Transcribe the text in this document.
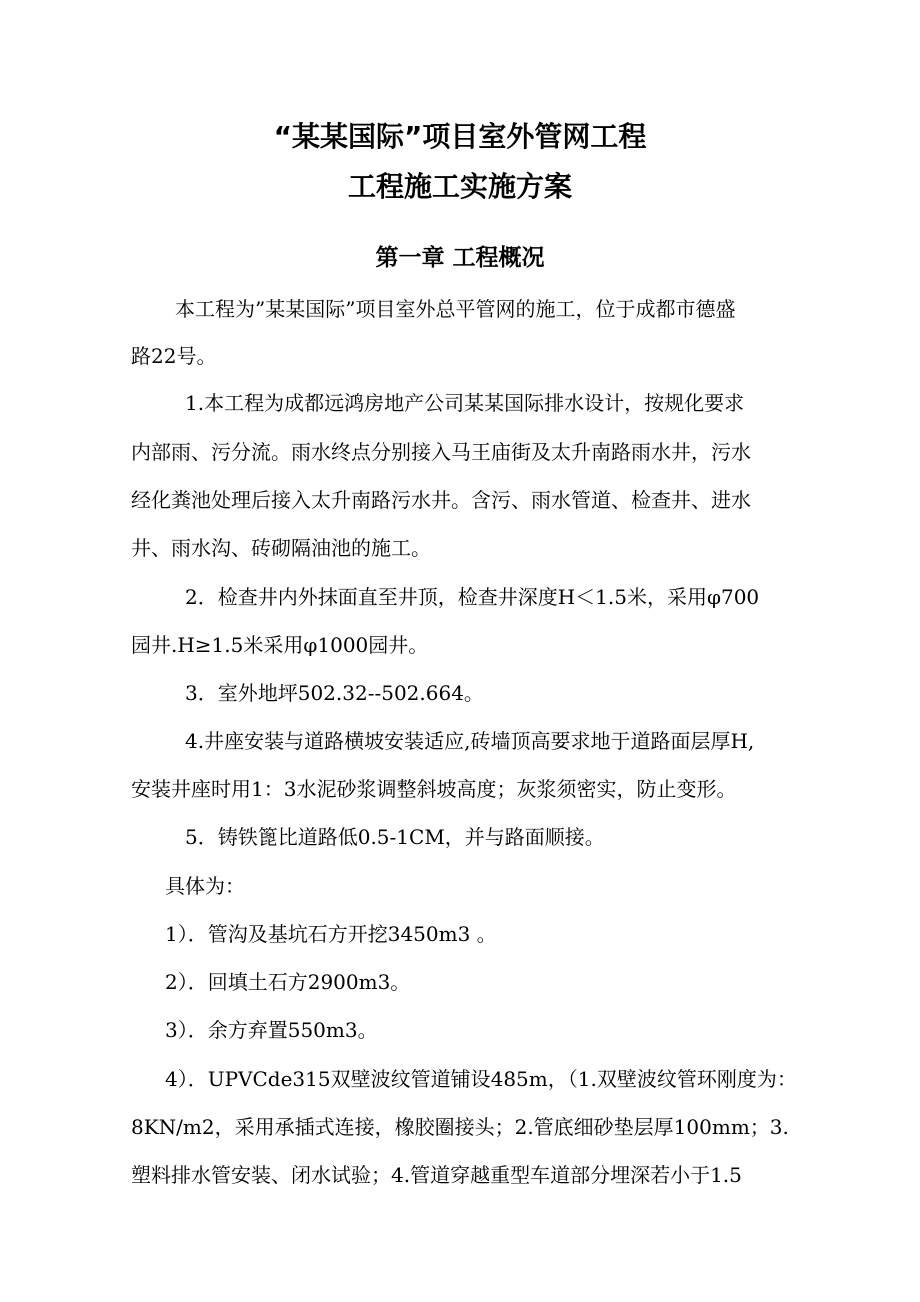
“某某国际”项目室外管网工程
工程施工实施方案
第一章 工程概况

本工程为”某某国际”项目室外总平管网的施工，位于成都市德盛

路22号。

1.本工程为成都远鸿房地产公司某某国际排水设计，按规化要求

内部雨、污分流。雨水终点分别接入马王庙街及太升南路雨水井，污水

经化粪池处理后接入太升南路污水井。含污、雨水管道、检查井、进水

井、雨水沟、砖砌隔油池的施工。

2．检查井内外抹面直至井顶，检查井深度H＜1.5米，采用φ700

园井.H≥1.5米采用φ1000园井。

3．室外地坪502.32--502.664。

4.井座安装与道路横坡安装适应,砖墙顶高要求地于道路面层厚H,

安装井座时用1：3水泥砂浆调整斜坡高度；灰浆须密实，防止变形。

5．铸铁篦比道路低0.5-1CM，并与路面顺接。

具体为：

1）．管沟及基坑石方开挖3450m3 。

2）．回填土石方2900m3。

3）．余方弃置550m3。

4）．UPVCde315双壁波纹管道铺设485m，（1.双壁波纹管环刚度为：

8KN/m2，采用承插式连接，橡胶圈接头；2.管底细砂垫层厚100mm；3.

塑料排水管安装、闭水试验；4.管道穿越重型车道部分埋深若小于1.5
